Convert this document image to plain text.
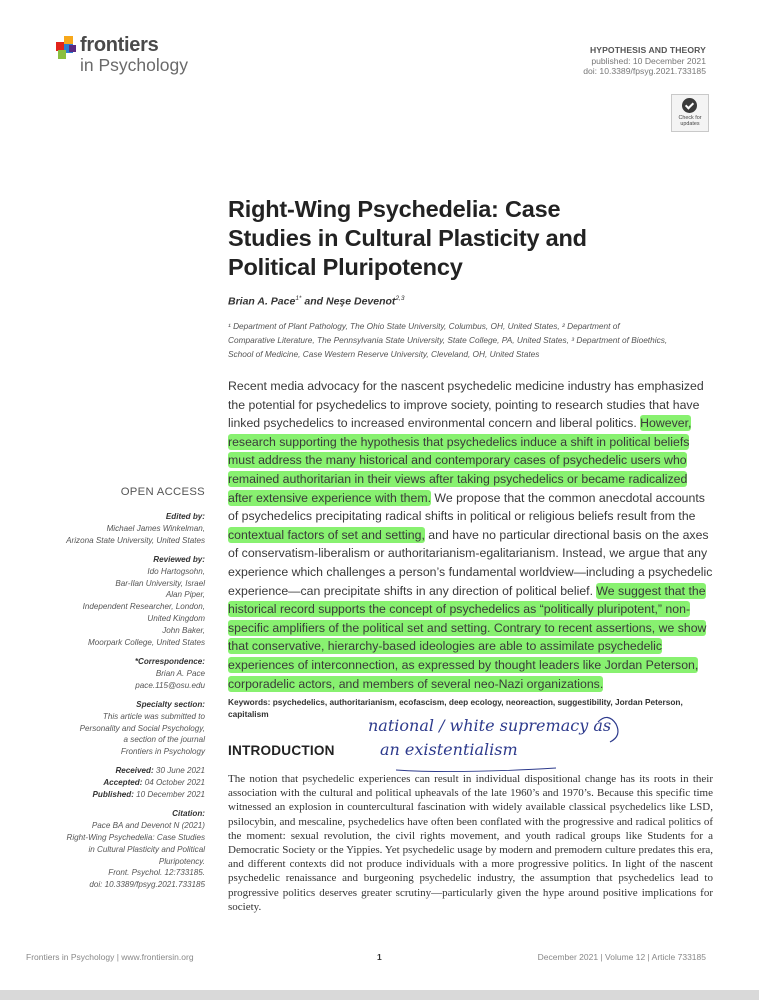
frontiers
in Psychology
HYPOTHESIS AND THEORY
published: 10 December 2021
doi: 10.3389/fpsyg.2021.733185
Check for
updates
Right-Wing Psychedelia: Case
Studies in Cultural Plasticity and
Political Pluripotency
Brian A. Pace$^{1*}$ and Neşe Devenot$^{2,3}$
¹ Department of Plant Pathology, The Ohio State University, Columbus, OH, United States, ² Department of Comparative Literature, The Pennsylvania State University, State College, PA, United States, ³ Department of Bioethics, School of Medicine, Case Western Reserve University, Cleveland, OH, United States
Recent media advocacy for the nascent psychedelic medicine industry has emphasized the potential for psychedelics to improve society, pointing to research studies that have linked psychedelics to increased environmental concern and liberal politics. However, research supporting the hypothesis that psychedelics induce a shift in political beliefs must address the many historical and contemporary cases of psychedelic users who remained authoritarian in their views after taking psychedelics or became radicalized after extensive experience with them. We propose that the common anecdotal accounts of psychedelics precipitating radical shifts in political or religious beliefs result from the contextual factors of set and setting, and have no particular directional basis on the axes of conservatism-liberalism or authoritarianism-egalitarianism. Instead, we argue that any experience which challenges a person’s fundamental worldview—including a psychedelic experience—can precipitate shifts in any direction of political belief. We suggest that the historical record supports the concept of psychedelics as “politically pluripotent,” non-specific amplifiers of the political set and setting. Contrary to recent assertions, we show that conservative, hierarchy-based ideologies are able to assimilate psychedelic experiences of interconnection, as expressed by thought leaders like Jordan Peterson, corporadelic actors, and members of several neo-Nazi organizations.
Keywords: psychedelics, authoritarianism, ecofascism, deep ecology, neoreaction, suggestibility, Jordan Peterson, capitalism
national / white supremacy as
an existentialism
INTRODUCTION
The notion that psychedelic experiences can result in individual dispositional change has its roots in their association with the cultural and political upheavals of the late 1960’s and 1970’s. Because this specific time witnessed an explosion in countercultural fascination with widely available classical psychedelics like LSD, psilocybin, and mescaline, psychedelics have often been conflated with the progressive and radical politics of the moment: sexual revolution, the civil rights movement, and youth radical groups like Students for a Democratic Society or the Yippies. Yet psychedelic usage by modern and premodern culture predates this era, and different contexts did not produce individuals with a more progressive politics. In light of the nascent psychedelic renaissance and burgeoning psychedelic industry, the assumption that psychedelics lead to progressive politics deserves greater scrutiny—particularly given the hype around positive implications for society.
OPEN ACCESS
Edited by:
Michael James Winkelman,
Arizona State University, United States
Reviewed by:
Ido Hartogsohn,
Bar-Ilan University, Israel
Alan Piper,
Independent Researcher, London,
United Kingdom
John Baker,
Moorpark College, United States
*Correspondence:
Brian A. Pace
pace.115@osu.edu
Specialty section:
This article was submitted to
Personality and Social Psychology,
a section of the journal
Frontiers in Psychology
Received: 30 June 2021
Accepted: 04 October 2021
Published: 10 December 2021
Citation:
Pace BA and Devenot N (2021)
Right-Wing Psychedelia: Case Studies
in Cultural Plasticity and Political
Pluripotency.
Front. Psychol. 12:733185.
doi: 10.3389/fpsyg.2021.733185
Frontiers in Psychology | www.frontiersin.org	1	December 2021 | Volume 12 | Article 733185
